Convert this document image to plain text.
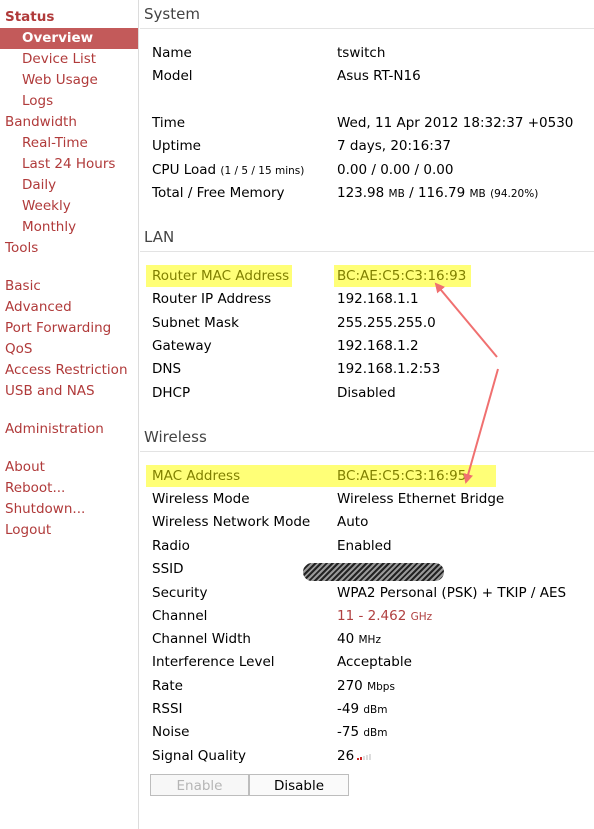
Status
Overview
Device List
Web Usage
Logs
Bandwidth
Real-Time
Last 24 Hours
Daily
Weekly
Monthly
Tools
Basic
Advanced
Port Forwarding
QoS
Access Restriction
USB and NAS
Administration
About
Reboot...
Shutdown...
Logout
System
Name	tswitch
Model	Asus RT-N16
Time	Wed, 11 Apr 2012 18:32:37 +0530
Uptime	7 days, 20:16:37
CPU Load (1 / 5 / 15 mins) 0.00 / 0.00 / 0.00
Total / Free Memory	123.98 MB / 116.79 MB (94.20%)
LAN
Router MAC Address	BC:AE:C5:C3:16:93
Router IP Address	192.168.1.1
Subnet Mask	255.255.255.0
Gateway	192.168.1.2
DNS	192.168.1.2:53
DHCP	Disabled
Wireless
MAC Address	BC:AE:C5:C3:16:95
Wireless Mode	Wireless Ethernet Bridge
Wireless Network Mode Auto
Radio	Enabled
SSID
Security	WPA2 Personal (PSK) + TKIP / AES
Channel	11 - 2.462 GHz
Channel Width	40 MHz
Interference Level	Acceptable
Rate	270 Mbps
RSSI	-49 dBm
Noise	-75 dBm
Signal Quality	26
Enable	Disable
